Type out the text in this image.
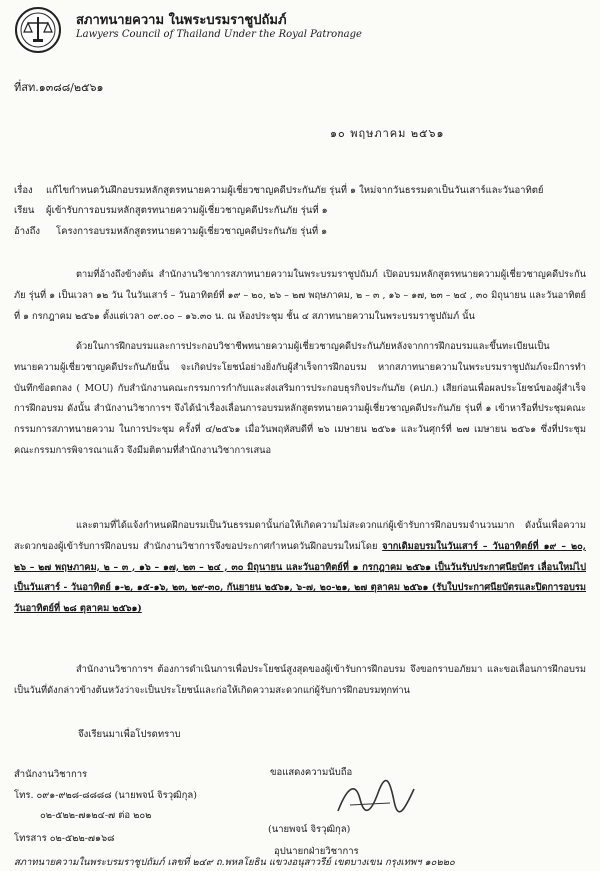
สภาทนายความ ในพระบรมราชูปถัมภ์
Lawyers Council of Thailand Under the Royal Patronage
ที่สท.๑๓๘๘/๒๕๖๑
๑๐ พฤษภาคม ๒๕๖๑
เรื่อง แก้ไขกำหนดวันฝึกอบรมหลักสูตรทนายความผู้เชี่ยวชาญคดีประกันภัย รุ่นที่ ๑ ใหม่จากวันธรรมดาเป็นวันเสาร์และวันอาทิตย์
เรียน ผู้เข้ารับการอบรมหลักสูตรทนายความผู้เชี่ยวชาญคดีประกันภัย รุ่นที่ ๑
อ้างถึง โครงการอบรมหลักสูตรทนายความผู้เชี่ยวชาญคดีประกันภัย รุ่นที่ ๑
ตามที่อ้างถึงข้างต้น สำนักงานวิชาการสภาทนายความในพระบรมราชูปถัมภ์ เปิดอบรมหลักสูตรทนายความผู้เชี่ยวชาญคดีประกันภัย รุ่นที่ ๑ เป็นเวลา ๑๒ วัน ในวันเสาร์ – วันอาทิตย์ที่ ๑๙ – ๒๐, ๒๖ – ๒๗ พฤษภาคม, ๒ – ๓ , ๑๖ – ๑๗, ๒๓ – ๒๔ , ๓๐ มิถุนายน และวันอาทิตย์ที่ ๑ กรกฎาคม ๒๕๖๑ ตั้งแต่เวลา ๐๙.๐๐ – ๑๖.๓๐ น. ณ ห้องประชุม ชั้น ๔ สภาทนายความในพระบรมราชูปถัมภ์ นั้น
ด้วยในการฝึกอบรมและการประกอบวิชาชีพทนายความผู้เชี่ยวชาญคดีประกันภัยหลังจากการฝึกอบรมและขึ้นทะเบียนเป็นทนายความผู้เชี่ยวชาญคดีประกันภัยนั้น จะเกิดประโยชน์อย่างยิ่งกับผู้สำเร็จการฝึกอบรม หากสภาทนายความในพระบรมราชูปถัมภ์จะมีการทำบันทึกข้อตกลง ( MOU) กับสำนักงานคณะกรรมการกำกับและส่งเสริมการประกอบธุรกิจประกันภัย (คปภ.) เสียก่อนเพื่อผลประโยชน์ของผู้สำเร็จการฝึกอบรม ดังนั้น สำนักงานวิชาการฯ จึงได้นำเรื่องเลื่อนการอบรมหลักสูตรทนายความผู้เชี่ยวชาญคดีประกันภัย รุ่นที่ ๑ เข้าหารือที่ประชุมคณะกรรมการสภาทนายความ ในการประชุม ครั้งที่ ๔/๒๕๖๑ เมื่อวันพฤหัสบดีที่ ๒๖ เมษายน ๒๕๖๑ และวันศุกร์ที่ ๒๗ เมษายน ๒๕๖๑ ซึ่งที่ประชุมคณะกรรมการพิจารณาแล้ว จึงมีมติตามที่สำนักงานวิชาการเสนอ
และตามที่ได้แจ้งกำหนดฝึกอบรมเป็นวันธรรมดานั้นก่อให้เกิดความไม่สะดวกแก่ผู้เข้ารับการฝึกอบรมจำนวนมาก ดังนั้นเพื่อความสะดวกของผู้เข้ารับการฝึกอบรม สำนักงานวิชาการจึงขอประกาศกำหนดวันฝึกอบรมใหม่โดย จากเดิมอบรมในวันเสาร์ – วันอาทิตย์ที่ ๑๙ – ๒๐, ๒๖ – ๒๗ พฤษภาคม, ๒ – ๓ , ๑๖ – ๑๗, ๒๓ – ๒๔ , ๓๐ มิถุนายน และวันอาทิตย์ที่ ๑ กรกฎาคม ๒๕๖๑ เป็นวันรับประกาศนียบัตร เลื่อนใหม่ไปเป็นวันเสาร์ - วันอาทิตย์ ๑-๒, ๑๕-๑๖, ๒๓, ๒๙-๓๐, กันยายน ๒๕๖๑, ๖-๗, ๒๐-๒๑, ๒๗ ตุลาคม ๒๕๖๑ (รับใบประกาศนียบัตรและปิดการอบรมวันอาทิตย์ที่ ๒๘ ตุลาคม ๒๕๖๑)
สำนักงานวิชาการฯ ต้องการดำเนินการเพื่อประโยชน์สูงสุดของผู้เข้ารับการฝึกอบรม จึงขอกราบอภัยมา และขอเลื่อนการฝึกอบรมเป็นวันที่ดังกล่าวข้างต้นหวังว่าจะเป็นประโยชน์และก่อให้เกิดความสะดวกแก่ผู้รับการฝึกอบรมทุกท่าน
จึงเรียนมาเพื่อโปรดทราบ
ขอแสดงความนับถือ
(นายพจน์ จิรวุฒิกุล)
อุปนายกฝ่ายวิชาการ
สำนักงานวิชาการ
โทร. ๐๙๑-๙๒๘-๘๘๘๘ (นายพจน์ จิรวุฒิกุล)
๐๒-๕๒๒-๗๑๒๔-๗ ต่อ ๒๐๒
โทรสาร ๐๒-๕๒๒-๗๑๖๘
สภาทนายความในพระบรมราชูปถัมภ์ เลขที่ ๒๔๙ ถ.พหลโยธิน แขวงอนุสาวรีย์ เขตบางเขน กรุงเทพฯ ๑๐๒๒๐
